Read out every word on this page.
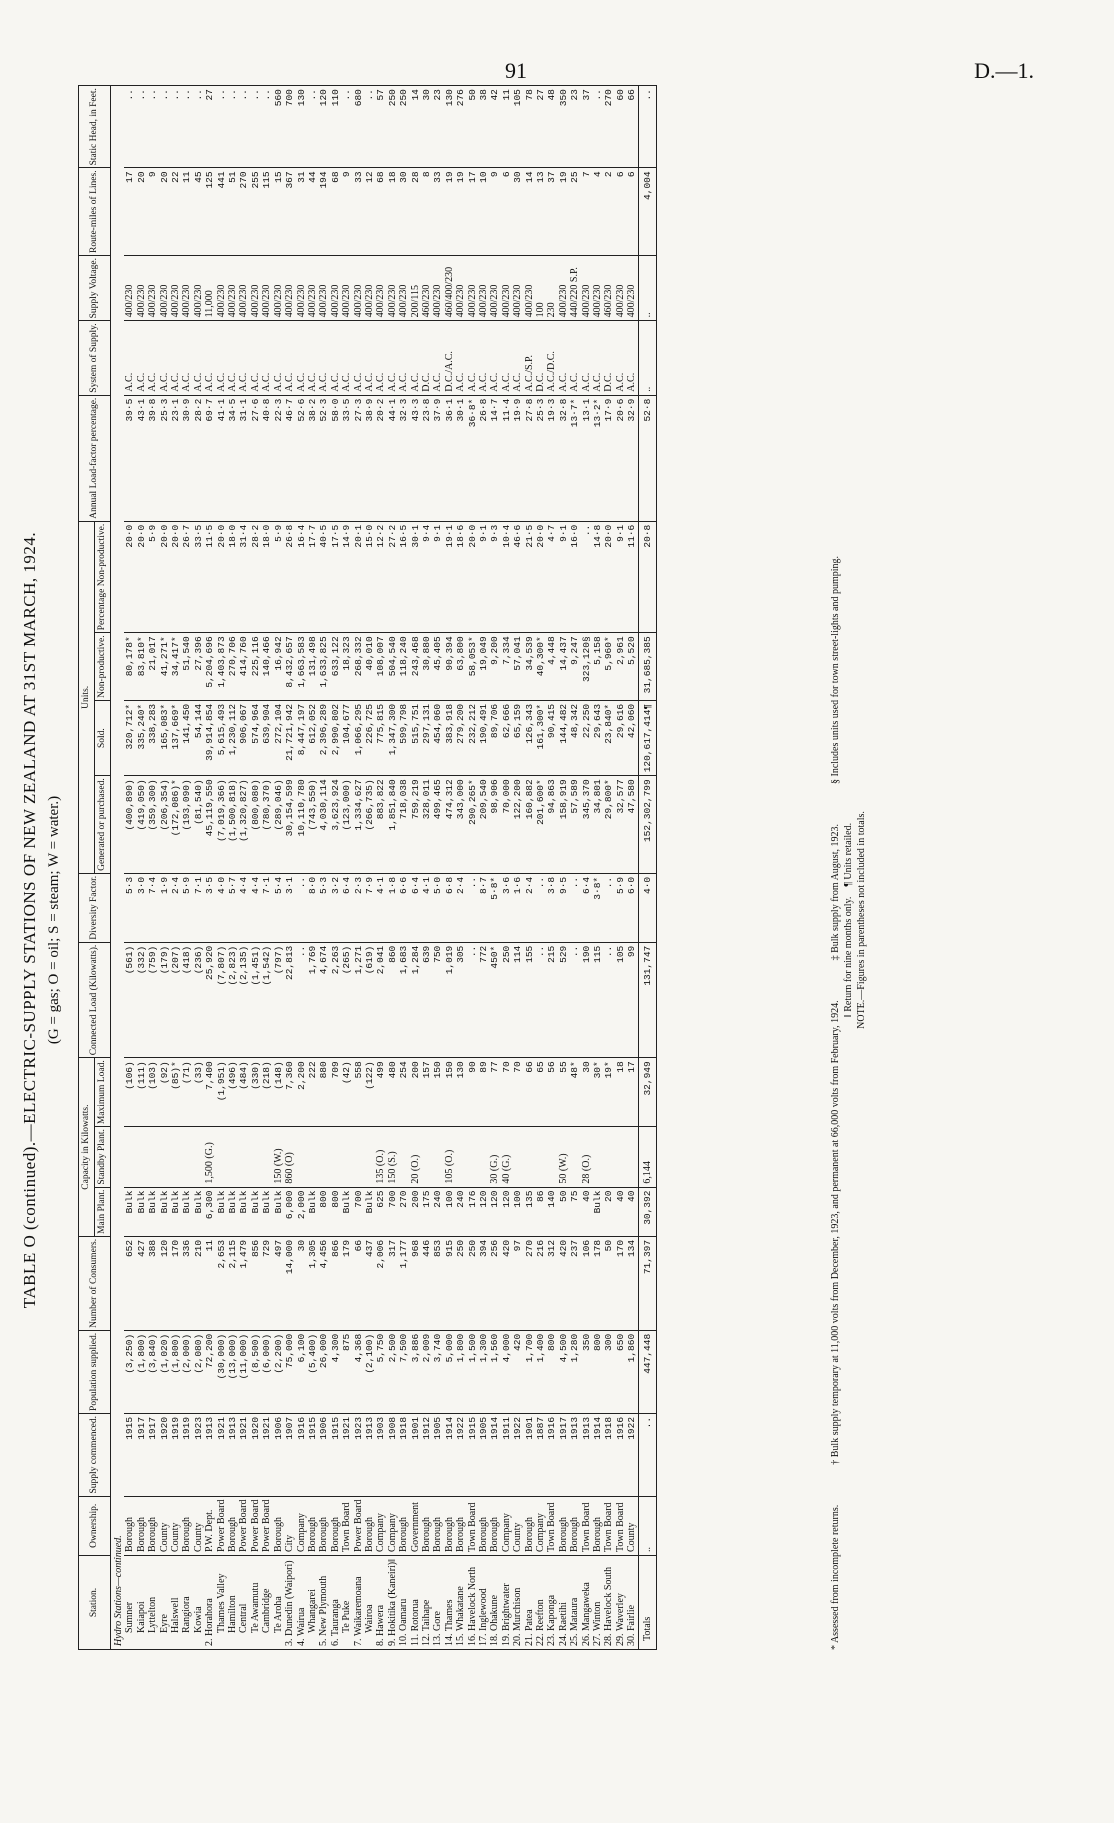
91	D.—1.
TABLE O (continued).—ELECTRIC-SUPPLY STATIONS OF NEW ZEALAND AT 31ST MARCH, 1924. (G = gas; O = oil; S = steam; W = water.)
Station.	Ownership.	Supply commenced.	Population supplied.	Number of Consumers.	Capacity in Kilowatts.			Connected Load (Kilowatts).	Diversity Factor.	Units.				Annual Load-factor percentage.	System of Supply.	Supply Voltage.	Route-miles of Lines.	Static Head, in Feet.
					Main Plant.	Standby Plant.	Maximum Load.			Generated or purchased.	Sold.	Non-productive.	Percentage Non-productive.					
Hydro Stations—continued.																		
Sumner	Borough	1915	(3,250)	652	Bulk		(106)	(561)	5·3	(400,890)	320,712*	80,178*	20·0	39·5	A.C.	400/230	17	..
Kaiapoi	Borough	1917	(1,800)	427	Bulk		(111)	(332)	3·0	(419,050)	335,240*	83,810*	20·0	43·1	A.C.	400/230	20	..
Lyttelton	Borough	1917	(3,840)	388	Bulk		(103)	(759)	7·4	(359,300)	338,283	21,017	5·9	39·8	A.C.	400/230	9	..
Eyre	County	1920	(1,020)	120	Bulk		(92)	(179)	1·9	(206,354)	165,083*	41,271*	20·0	25·3	A.C.	400/230	20	..
Halswell	County	1919	(1,800)	170	Bulk		(85)*	(207)	2·4	(172,086)*	137,669*	34,417*	20·0	23·1	A.C.	400/230	22	..
Rangiora	Borough	1919	(2,000)	336	Bulk		(71)	(418)	5·9	(193,090)	141,450	51,540	26·7	30·9	A.C.	400/230	11	..
Kowia	County	1923	(2,080)	210	Bulk		(33)	(236)	7·1	(81,540)	54,144	27,396	33·5	28·2	A.C.	400/230	45	..
2. Horahora	P.W. Dept.	1913	72,200	11	6,300	1,500 (G.)	7,400	25,920	3·5	45,119,550	39,914,854	5,204,696	11·5	69·7	A.C.	11,000	125	27
Thames Valley	Power Board	1921	(30,000)	2,653	Bulk		(1,951)	(7,807)	4·0	(7,019,366)	5,615,493	1,403,873	20·0	41·1	A.C.	400/230	441	..
Hamilton	Borough	1913	(13,000)	2,115	Bulk		(496)	(2,823)	5·7	(1,500,818)	1,230,112	270,706	18·0	34·5	A.C.	400/230	51	..
Central	Power Board	1921	(11,000)	1,479	Bulk		(484)	(2,135)	4·4	(1,320,827)	906,067	414,760	31·4	31·1	A.C.	400/230	270	..
Te Awamutu	Power Board	1920	(8,500)	856	Bulk		(330)	(1,451)	4·4	(800,080)	574,964	225,116	28·2	27·6	A.C.	400/230	255	..
Cambridge	Power Board	1921	(6,000)	729	Bulk		(218)	(1,542)	7·1	(780,370)	639,904	140,466	18·0	40·8	A.C.	400/230	115	..
Te Aroha	Borough	1906	(2,200)	497	Bulk	150 (W.)	(148)	(797)	5·4	(289,046)	272,104	16,942	5·9	22·3	A.C.	400/230	15	560
3. Dunedin (Waipori)	City	1907	75,000	14,000	6,000	860 (O)	7,360	22,813	3·1	30,154,599	21,721,942	8,432,657	26·8	46·7	A.C.	400/230	367	700
4. Wairua	Company	1916	6,100	30	2,000		2,200	..	..	10,110,780	8,447,197	1,663,583	16·4	52·6	A.C.	400/230	31	130
Whangarei	Borough	1915	(5,400)	1,305	Bulk		222	1,769	8·0	(743,550)	612,052	131,498	17·7	38·2	A.C.	400/230	44	..
5. New Plymouth	Borough	1906	26,000	4,456	800		880	4,674	5·3	4,030,114	2,396,289	1,633,825	40·5	52·3	A.C.	400/230	194	120
6. Tauranga	Borough	1915	4,300	866	800		709	2,263	3·2	3,623,924	2,990,802	633,122	17·5	58·0	A.C.	400/230	68	110
Te Puke	Town Board	1921	875	179	Bulk		(42)	(265)	6·4	(123,000)	104,677	18,323	14·9	33·5	A.C.	400/230	9	..
7. Waikaremoana	Power Board	1923	4,368	66	700		558	1,271	2·3	1,334,627	1,066,295	268,332	20·1	27·3	A.C.	400/230	33	680
Wairoa	Borough	1913	(2,100)	437	Bulk		(122)	(619)	7·9	(266,735)	226,725	40,010	15·0	38·9	A.C.	400/230	12	..
8. Hawera	Company	1903	5,750	2,006	625	135 (O.)	499	2,041	4·1	883,822	775,815	108,007	12·2	20·2	A.C.	400/230	68	57
9. Hokitika (Kaneiri)‖	Company	1908	2,500	317	700	150 (S.)	480	860	1·8	1,851,840	1,347,300	504,540	27·2	44·1	A.C.	400/230	18	250
10. Oamaru	Borough	1918	7,500	1,177	270		254	1,683	6·6	718,038	599,798	118,240	16·5	32·3	A.C.	400/230	30	250
11. Rotorua	Government	1901	3,886	968	200	20 (O.)	200	1,284	6·4	759,219	515,751	243,468	30·1	43·3	A.C.	200/115	28	14
12. Taihape	Borough	1912	2,009	446	175		157	639	4·1	328,011	297,131	30,880	9·4	23·8	D.C.	460/230	8	30
13. Gore	Borough	1905	3,740	853	240		150	750	5·0	499,465	454,060	45,405	9·1	37·9	A.C.	400/230	33	23
14. Thames	Borough	1914	5,000	915	100	105 (O.)	150	1,019	6·8	474,312	383,918	90,394	19·1	36·1	D.C./A.C.	460/400/230	19	130
15. Whakatane	Borough	1922	1,800	250	240		130	305	2·4	343,000	279,200	63,800	18·6	30·1	A.C.	400/230	19	276
16. Havelock North	Town Board	1915	1,500	250	176		90	..	..	290,265*	232,212	58,053*	20·0	36·8*	A.C.	400/230	17	50
17. Inglewood	Borough	1905	1,300	394	120		89	772	8·7	209,540	190,491	19,049	9·1	26·8	A.C.	400/230	10	38
18. Ohakune	Borough	1914	1,560	256	120	30 (G.)	77	450*	5·8*	98,906	89,706	9,200	9·3	14·7	A.C.	400/230	9	42
19. Brightwater	Company	1911	4,000	420	120	40 (G.)	70	250	3·6	70,000	62,666	7,334	10·4	11·4	A.C.	400/230	6	11
20. Murchison	County	1922	420	97	100		70	114	1·6	122,200	65,159	57,041	46·6	19·9	A.C.	400/230	30	105
21. Patea	Borough	1901	1,700	270	135		66	155	2·4	160,882	126,343	34,539	21·5	27·8	A.C./S.P.	400/230	14	78
22. Reefton	Company	1887	1,400	216	86		65	..	..	201,600*	161,300*	40,300*	20·0	25·3	D.C.	100	13	27
23. Kaponga	Town Board	1916	800	312	140		56	215	3·8	94,863	90,415	4,448	4·7	19·3	A.C./D.C.	230	37	48
24. Raetihi	Borough	1917	4,500	420	50	50 (W.)	55	529	9·5	158,919	144,482	14,437	9·1	32·8	A.C.	400/230	19	350
25. Mataura	Borough	1913	1,280	237	75		48*	..	..	57,589	48,342	9,247	16·0	13·7*	A.C.	440/220 S.P.	25	23
26. Mangaweka	Town Board	1913	350	106	40	28 (O.)	30	190	6·4	345,370	22,250	323,120§	..	13·1	A.C.	400/230	7	37
27. Winton	Borough	1914	800	178	Bulk		30*	115	3·8*	34,801	29,643	5,158	14·8	13·2*	A.C.	400/230	4	..
28. Havelock South	Town Board	1918	300	50	20		19*	..	..	29,800*	23,840*	5,960*	20·0	17·9	D.C.	460/230	2	270
29. Waverley	Town Board	1916	650	170	40		18	105	5·9	32,577	29,616	2,961	9·1	20·6	A.C.	400/230	6	60
30. Fairlie	County	1922	1,860	134	40		17	99	6·0	47,580	42,060	5,520	11·6	32·9	A.C.	400/230	6	66
Totals	..	..	447,448	71,397	30,392	6,144	32,949	131,747	4·0	152,302,799	120,617,414¶	31,685,385	20·8	52·8	..	..	4,004	..
* Assessed from incomplete returns.
† Bulk supply temporary at 11,000 volts from December, 1923, and permanent at 66,000 volts from February, 1924.
‡ Bulk supply from August, 1923.
§ Includes units used for town street-lights and pumping.
‖ Return for nine months only.    ¶ Units retailed. NOTE.—Figures in parentheses not included in totals.
